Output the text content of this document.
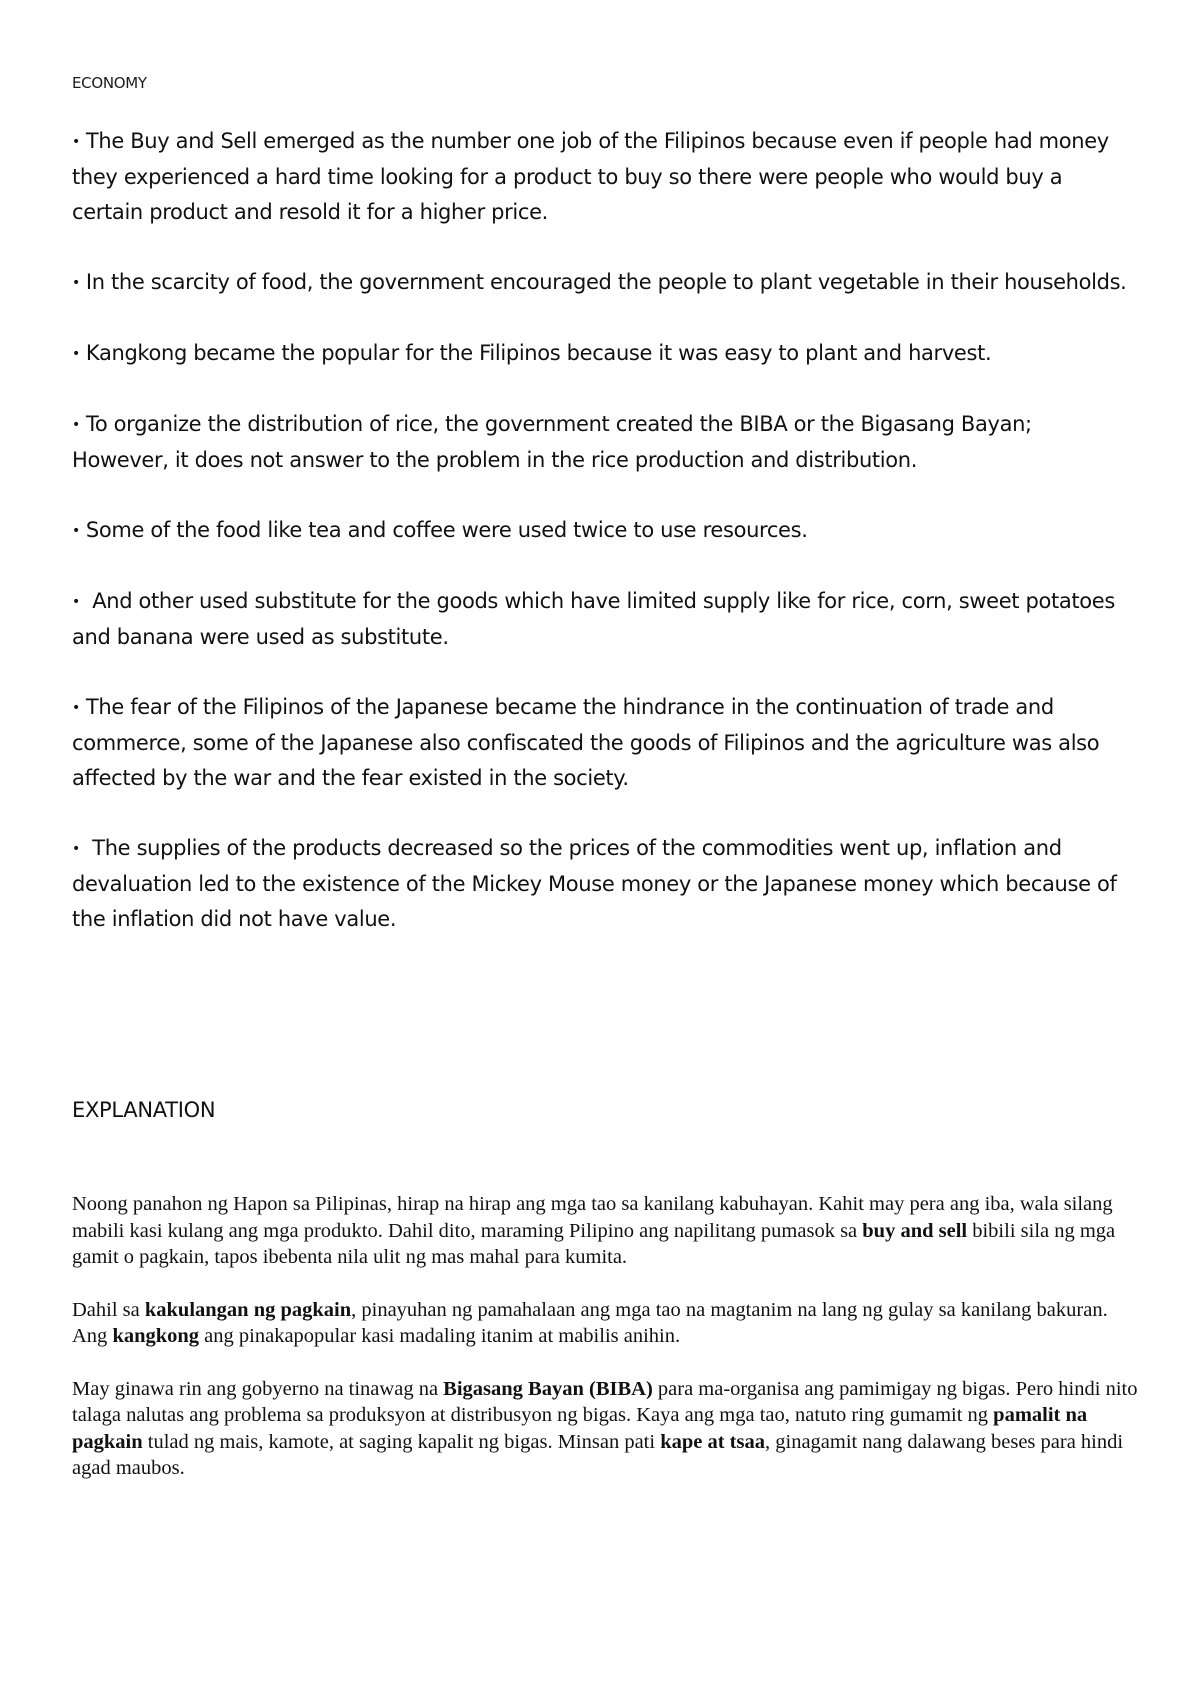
ECONOMY
• The Buy and Sell emerged as the number one job of the Filipinos because even if people had money they experienced a hard time looking for a product to buy so there were people who would buy a certain product and resold it for a higher price.
• In the scarcity of food, the government encouraged the people to plant vegetable in their households.
• Kangkong became the popular for the Filipinos because it was easy to plant and harvest.
• To organize the distribution of rice, the government created the BIBA or the Bigasang Bayan; However, it does not answer to the problem in the rice production and distribution.
• Some of the food like tea and coffee were used twice to use resources.
• And other used substitute for the goods which have limited supply like for rice, corn, sweet potatoes and banana were used as substitute.
• The fear of the Filipinos of the Japanese became the hindrance in the continuation of trade and commerce, some of the Japanese also confiscated the goods of Filipinos and the agriculture was also affected by the war and the fear existed in the society.
• The supplies of the products decreased so the prices of the commodities went up, inflation and devaluation led to the existence of the Mickey Mouse money or the Japanese money which because of the inflation did not have value.
EXPLANATION

Noong panahon ng Hapon sa Pilipinas, hirap na hirap ang mga tao sa kanilang kabuhayan. Kahit may pera ang iba, wala silang mabili kasi kulang ang mga produkto. Dahil dito, maraming Pilipino ang napilitang pumasok sa buy and sell bibili sila ng mga gamit o pagkain, tapos ibebenta nila ulit ng mas mahal para kumita.

Dahil sa kakulangan ng pagkain, pinayuhan ng pamahalaan ang mga tao na magtanim na lang ng gulay sa kanilang bakuran. Ang kangkong ang pinakapopular kasi madaling itanim at mabilis anihin.

May ginawa rin ang gobyerno na tinawag na Bigasang Bayan (BIBA) para ma-organisa ang pamimigay ng bigas. Pero hindi nito talaga nalutas ang problema sa produksyon at distribusyon ng bigas. Kaya ang mga tao, natuto ring gumamit ng pamalit na pagkain tulad ng mais, kamote, at saging kapalit ng bigas. Minsan pati kape at tsaa, ginagamit nang dalawang beses para hindi agad maubos.
